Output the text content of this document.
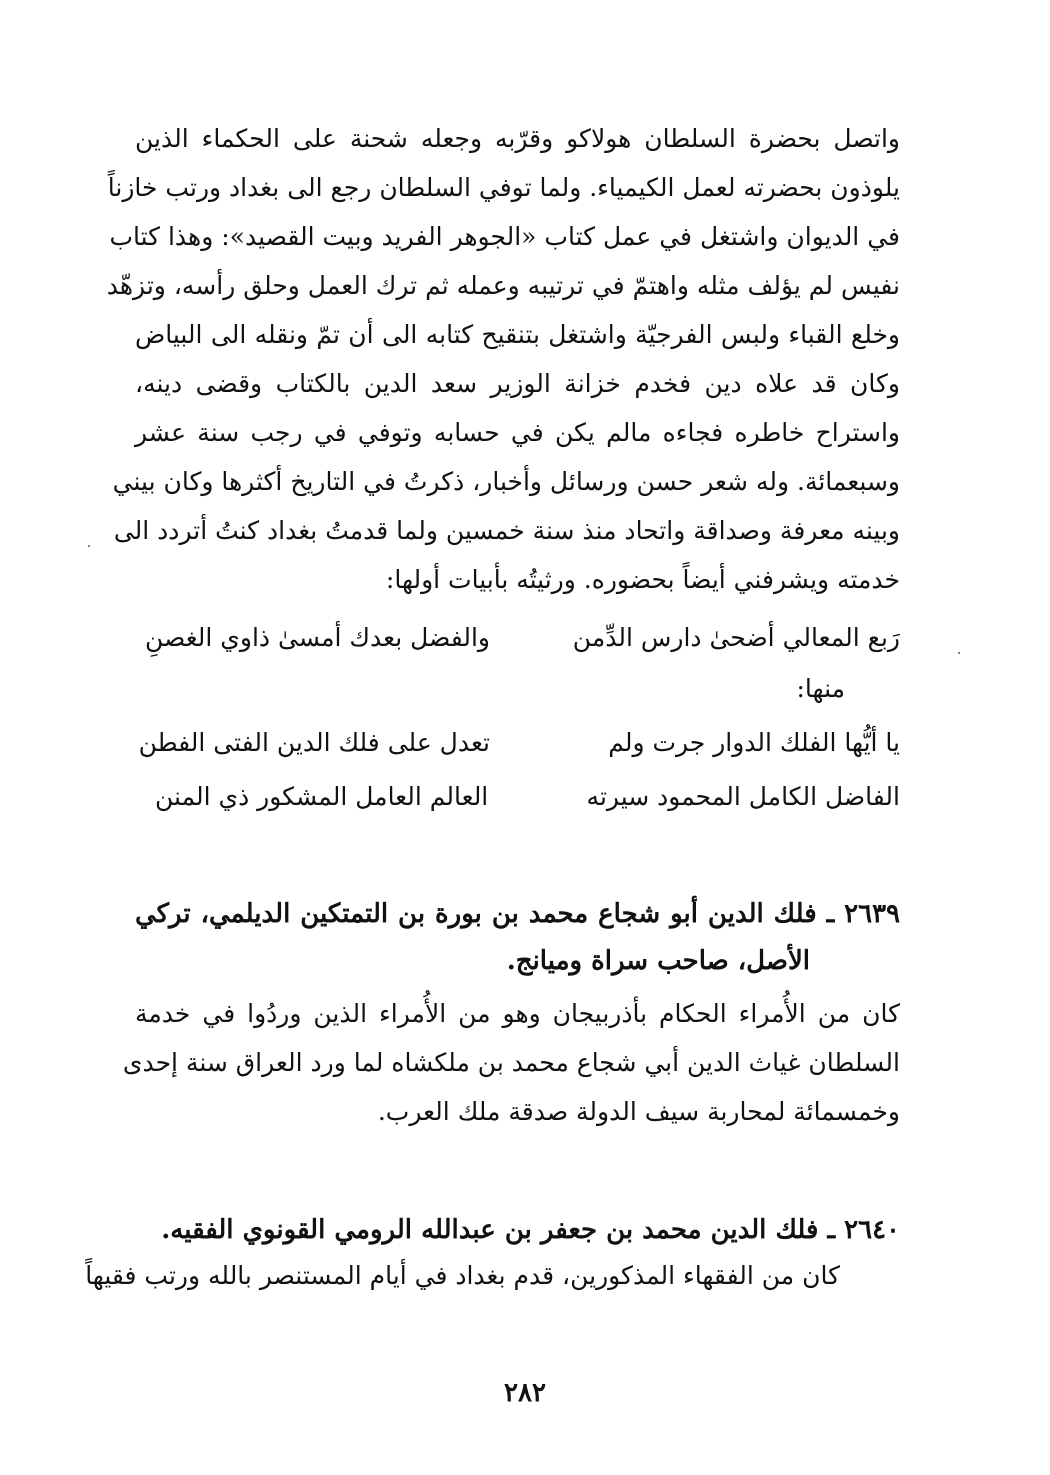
واتصل بحضرة السلطان هولاكو وقرّبه وجعله شحنة على الحكماء الذين
يلوذون بحضرته لعمل الكيمياء. ولما توفي السلطان رجع الى بغداد ورتب خازناً
في الديوان واشتغل في عمل كتاب «الجوهر الفريد وبيت القصيد»: وهذا كتاب
نفيس لم يؤلف مثله واهتمّ في ترتيبه وعمله ثم ترك العمل وحلق رأسه، وتزهّد
وخلع القباء ولبس الفرجيّة واشتغل بتنقيح كتابه الى أن تمّ ونقله الى البياض
وكان قد علاه دين فخدم خزانة الوزير سعد الدين بالكتاب وقضى دينه،
واستراح خاطره فجاءه مالم يكن في حسابه وتوفي في رجب سنة عشر
وسبعمائة. وله شعر حسن ورسائل وأخبار، ذكرتُ في التاريخ أكثرها وكان بيني
وبينه معرفة وصداقة واتحاد منذ سنة خمسين ولما قدمتُ بغداد كنتُ أتردد الى
خدمته ويشرفني أيضاً بحضوره. ورثيتُه بأبيات أولها:
رَبع المعالي أضحىٰ دارس الدِّمن
والفضل بعدك أمسىٰ ذاوي الغصنِ
منها:
يا أيُّها الفلك الدوار جرت ولم
تعدل على فلك الدين الفتى الفطن
الفاضل الكامل المحمود سيرته
العالم العامل المشكور ذي المنن
٢٦٣٩ ـ فلك الدين أبو شجاع محمد بن بورة بن التمتكين الديلمي، تركي
الأصل، صاحب سراة وميانج.
كان من الأُمراء الحكام بأذربيجان وهو من الأُمراء الذين وردُوا في خدمة
السلطان غياث الدين أبي شجاع محمد بن ملكشاه لما ورد العراق سنة إحدى
وخمسمائة لمحاربة سيف الدولة صدقة ملك العرب.
٢٦٤٠ ـ فلك الدين محمد بن جعفر بن عبدالله الرومي القونوي الفقيه.
كان من الفقهاء المذكورين، قدم بغداد في أيام المستنصر بالله ورتب فقيهاً
٢٨٢
